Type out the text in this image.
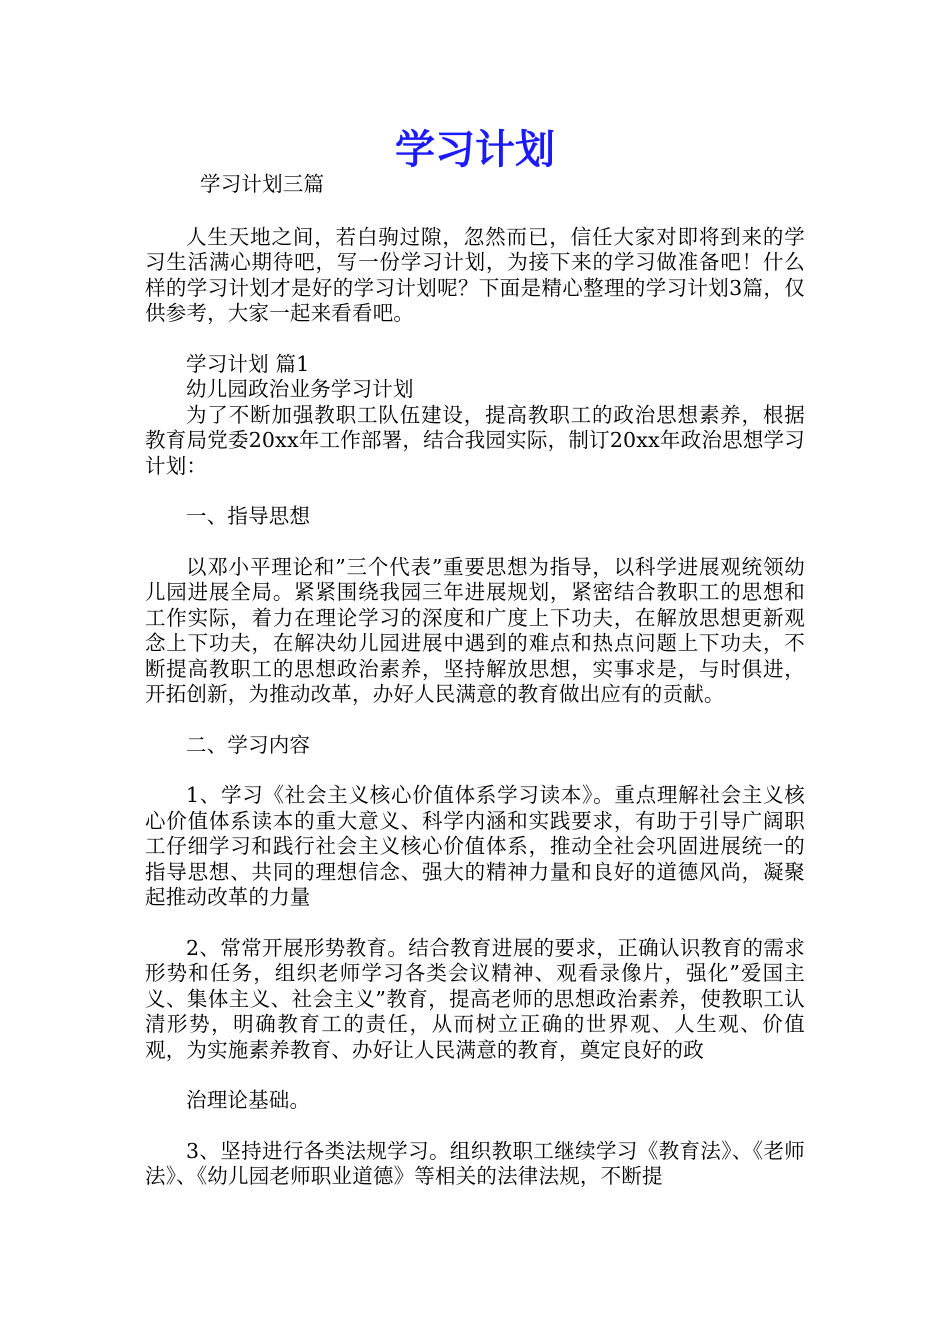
学习计划

学习计划三篇

人生天地之间，若白驹过隙，忽然而已，信任大家对即将到来的学习生活满心期待吧，写一份学习计划，为接下来的学习做准备吧！什么样的学习计划才是好的学习计划呢？下面是精心整理的学习计划3篇，仅供参考，大家一起来看看吧。

学习计划 篇1

幼儿园政治业务学习计划

为了不断加强教职工队伍建设，提高教职工的政治思想素养，根据教育局党委20xx年工作部署，结合我园实际，制订20xx年政治思想学习计划：

一、指导思想

以邓小平理论和”三个代表”重要思想为指导，以科学进展观统领幼儿园进展全局。紧紧围绕我园三年进展规划，紧密结合教职工的思想和工作实际，着力在理论学习的深度和广度上下功夫，在解放思想更新观念上下功夫，在解决幼儿园进展中遇到的难点和热点问题上下功夫，不断提高教职工的思想政治素养，坚持解放思想，实事求是，与时俱进，开拓创新，为推动改革，办好人民满意的教育做出应有的贡献。

二、学习内容

1、学习《社会主义核心价值体系学习读本》。重点理解社会主义核心价值体系读本的重大意义、科学内涵和实践要求，有助于引导广阔职工仔细学习和践行社会主义核心价值体系，推动全社会巩固进展统一的指导思想、共同的理想信念、强大的精神力量和良好的道德风尚，凝聚起推动改革的力量

2、常常开展形势教育。结合教育进展的要求，正确认识教育的需求形势和任务，组织老师学习各类会议精神、观看录像片，强化”爱国主义、集体主义、社会主义”教育，提高老师的思想政治素养，使教职工认清形势，明确教育工的责任，从而树立正确的世界观、人生观、价值观，为实施素养教育、办好让人民满意的教育，奠定良好的政

治理论基础。

3、坚持进行各类法规学习。组织教职工继续学习《教育法》、《老师法》、《幼儿园老师职业道德》等相关的法律法规，不断提
